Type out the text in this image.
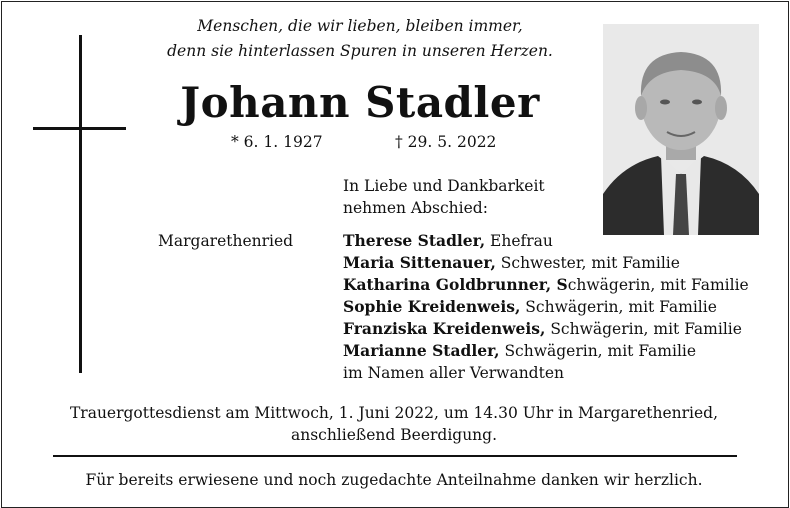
Menschen, die wir lieben, bleiben immer,
denn sie hinterlassen Spuren in unseren Herzen.
Johann Stadler
* 6. 1. 1927	† 29. 5. 2022
In Liebe und Dankbarkeit
nehmen Abschied:
Margarethenried	Therese Stadler, Ehefrau
Maria Sittenauer, Schwester, mit Familie
Katharina Goldbrunner, Schwägerin, mit Familie
Sophie Kreidenweis, Schwägerin, mit Familie
Franziska Kreidenweis, Schwägerin, mit Familie
Marianne Stadler, Schwägerin, mit Familie
im Namen aller Verwandten
Trauergottesdienst am Mittwoch, 1. Juni 2022, um 14.30 Uhr in Margarethenried,
anschließend Beerdigung.
Für bereits erwiesene und noch zugedachte Anteilnahme danken wir herzlich.
